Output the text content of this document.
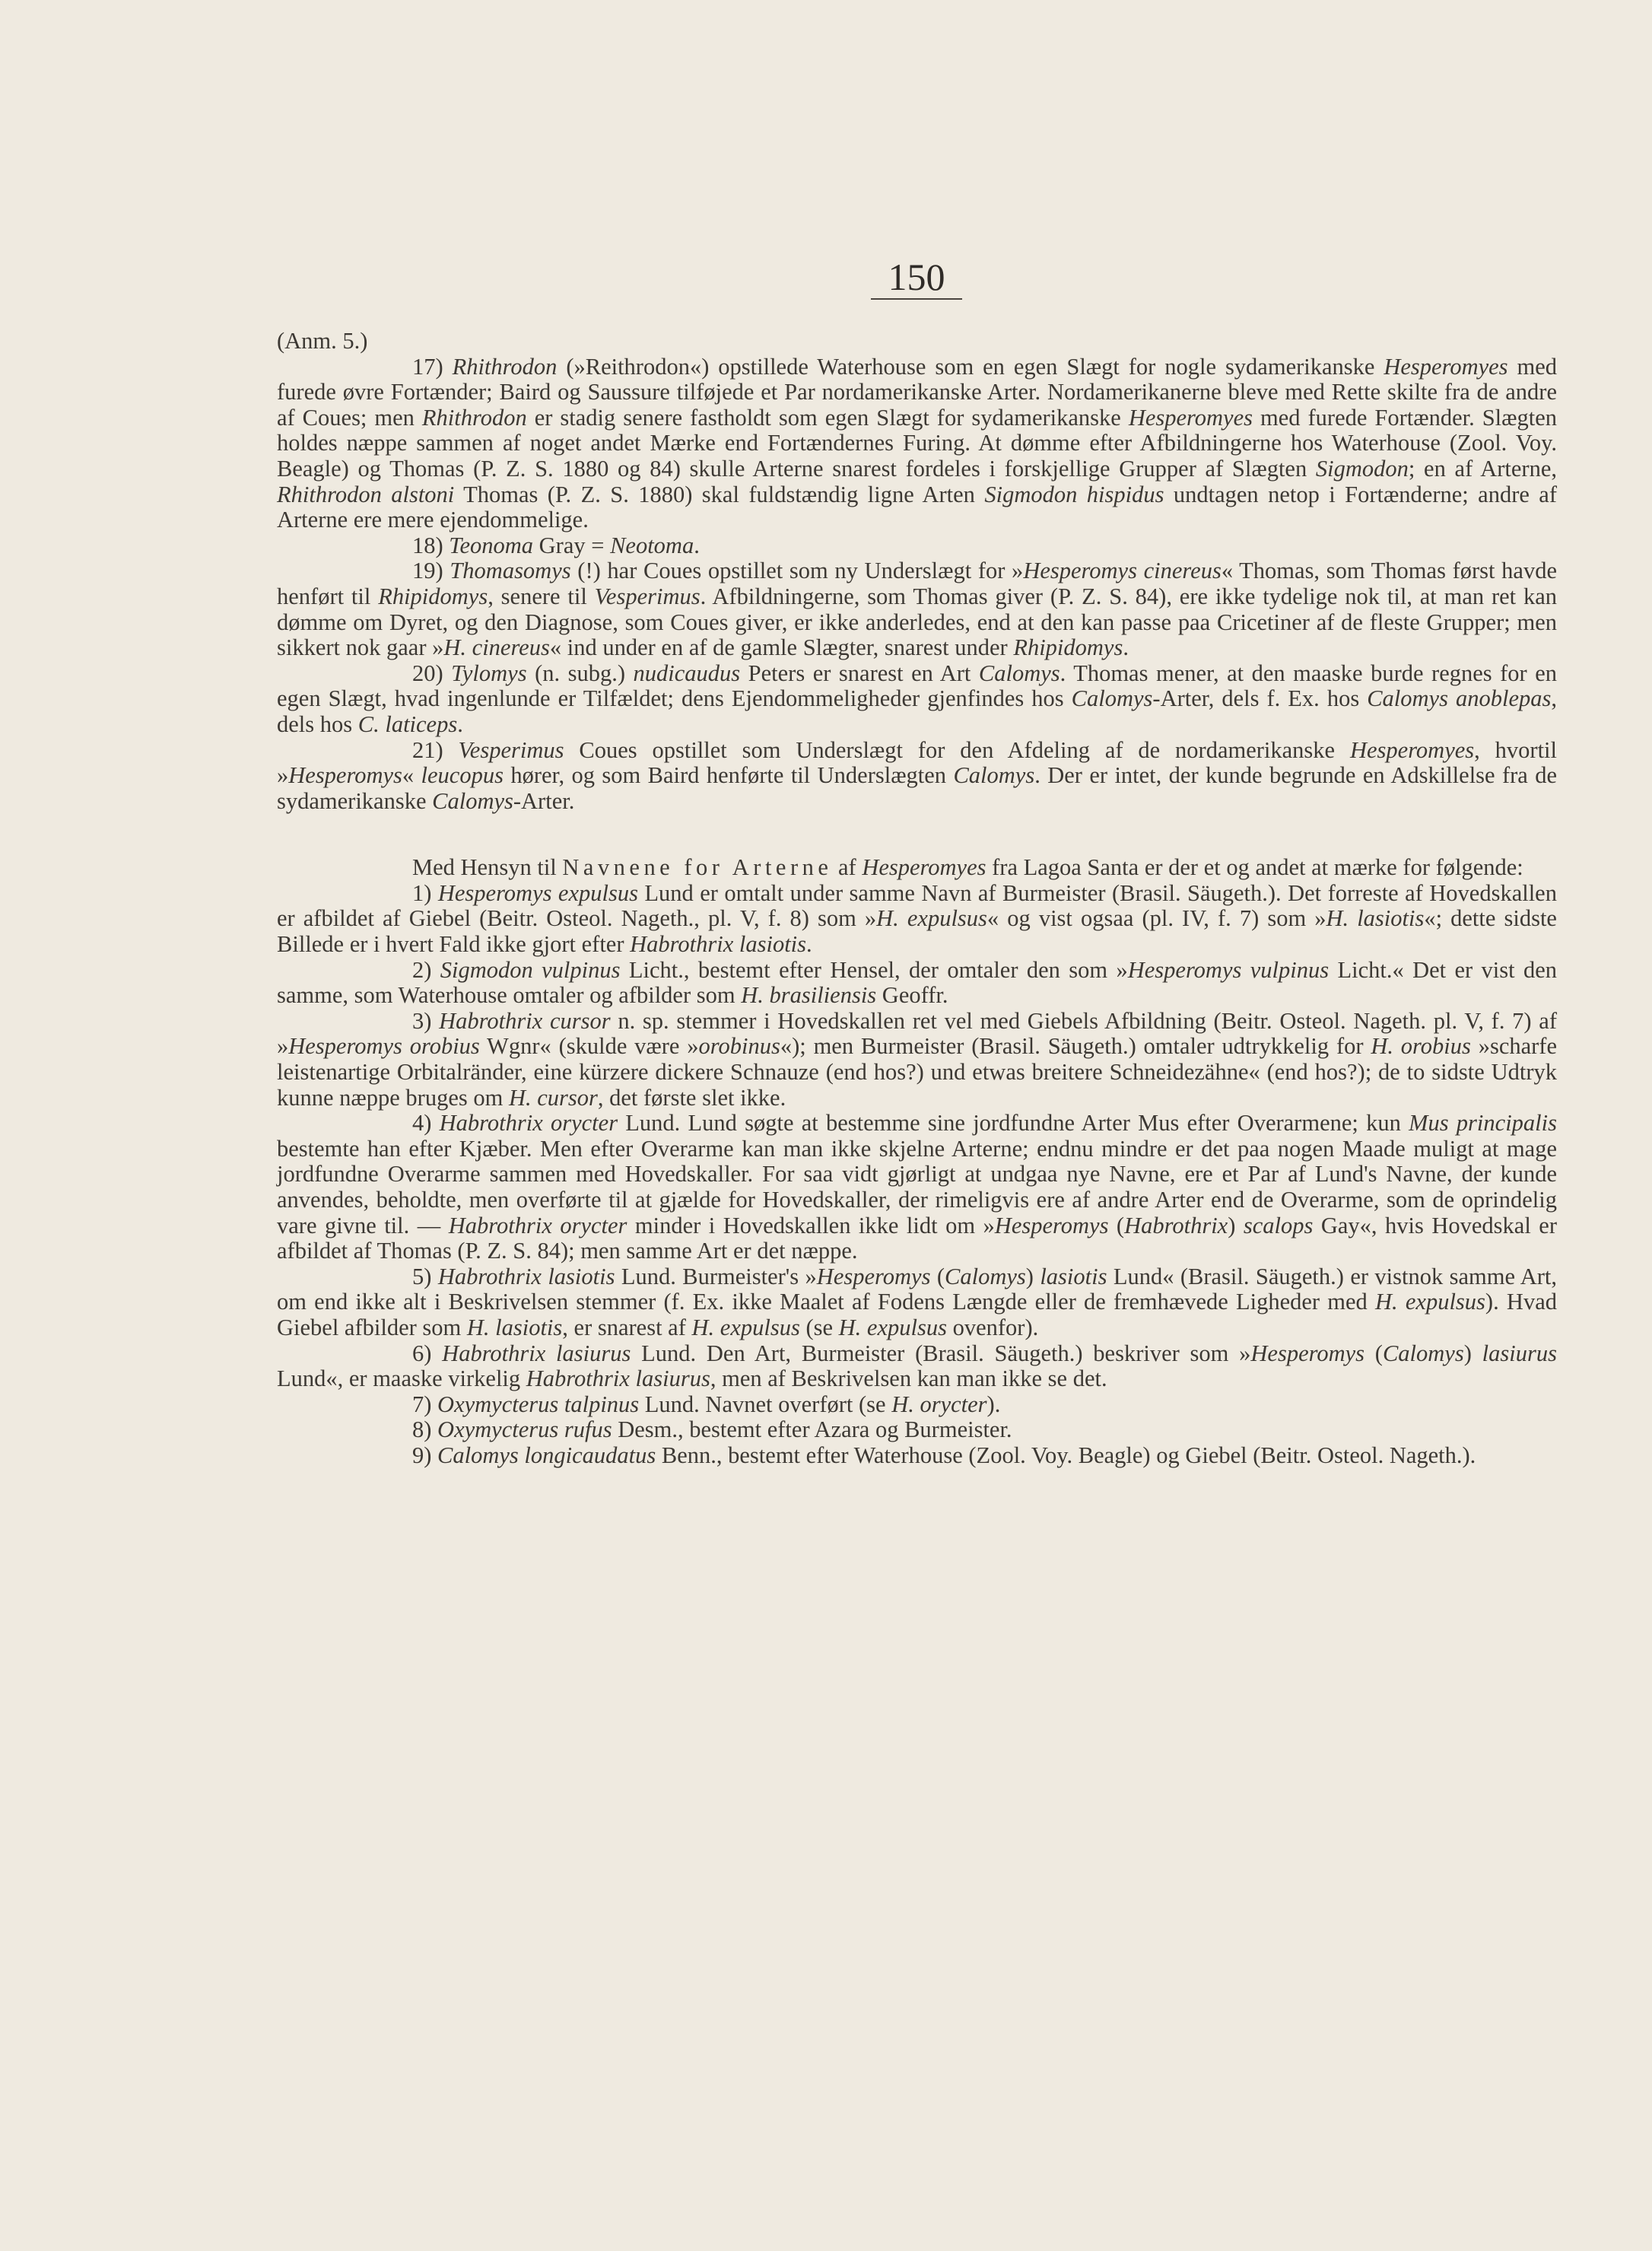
150

(Anm. 5.)

17) Rhithrodon (»Reithrodon«) opstillede Waterhouse som en egen Slægt for nogle sydamerikanske Hesperomyes med furede øvre Fortænder; Baird og Saussure tilføjede et Par nordamerikanske Arter. Nordamerikanerne bleve med Rette skilte fra de andre af Coues; men Rhithrodon er stadig senere fastholdt som egen Slægt for sydamerikanske Hesperomyes med furede Fortænder. Slægten holdes næppe sammen af noget andet Mærke end Fortændernes Furing. At dømme efter Afbildningerne hos Waterhouse (Zool. Voy. Beagle) og Thomas (P. Z. S. 1880 og 84) skulle Arterne snarest fordeles i forskjellige Grupper af Slægten Sigmodon; en af Arterne, Rhithrodon alstoni Thomas (P. Z. S. 1880) skal fuldstændig ligne Arten Sigmodon hispidus undtagen netop i Fortænderne; andre af Arterne ere mere ejendommelige.

18) Teonoma Gray = Neotoma.

19) Thomasomys (!) har Coues opstillet som ny Underslægt for »Hesperomys cinereus« Thomas, som Thomas først havde henført til Rhipidomys, senere til Vesperimus. Afbildningerne, som Thomas giver (P. Z. S. 84), ere ikke tydelige nok til, at man ret kan dømme om Dyret, og den Diagnose, som Coues giver, er ikke anderledes, end at den kan passe paa Cricetiner af de fleste Grupper; men sikkert nok gaar »H. cinereus« ind under en af de gamle Slægter, snarest under Rhipidomys.

20) Tylomys (n. subg.) nudicaudus Peters er snarest en Art Calomys. Thomas mener, at den maaske burde regnes for en egen Slægt, hvad ingenlunde er Tilfældet; dens Ejendommeligheder gjenfindes hos Calomys-Arter, dels f. Ex. hos Calomys anoblepas, dels hos C. laticeps.

21) Vesperimus Coues opstillet som Underslægt for den Afdeling af de nordamerikanske Hesperomyes, hvortil »Hesperomys« leucopus hører, og som Baird henførte til Underslægten Calomys. Der er intet, der kunde begrunde en Adskillelse fra de sydamerikanske Calomys-Arter.

Med Hensyn til Navnene for Arterne af Hesperomyes fra Lagoa Santa er der et og andet at mærke for følgende:

1) Hesperomys expulsus Lund er omtalt under samme Navn af Burmeister (Brasil. Säugeth.). Det forreste af Hovedskallen er afbildet af Giebel (Beitr. Osteol. Nageth., pl. V, f. 8) som »H. expulsus« og vist ogsaa (pl. IV, f. 7) som »H. lasiotis«; dette sidste Billede er i hvert Fald ikke gjort efter Habrothrix lasiotis.

2) Sigmodon vulpinus Licht., bestemt efter Hensel, der omtaler den som »Hesperomys vulpinus Licht.« Det er vist den samme, som Waterhouse omtaler og afbilder som H. brasiliensis Geoffr.

3) Habrothrix cursor n. sp. stemmer i Hovedskallen ret vel med Giebels Afbildning (Beitr. Osteol. Nageth. pl. V, f. 7) af »Hesperomys orobius Wgnr« (skulde være »orobinus«); men Burmeister (Brasil. Säugeth.) omtaler udtrykkelig for H. orobius »scharfe leistenartige Orbitalränder, eine kürzere dickere Schnauze (end hos?) und etwas breitere Schneidezähne« (end hos?); de to sidste Udtryk kunne næppe bruges om H. cursor, det første slet ikke.

4) Habrothrix orycter Lund. Lund søgte at bestemme sine jordfundne Arter Mus efter Overarmene; kun Mus principalis bestemte han efter Kjæber. Men efter Overarme kan man ikke skjelne Arterne; endnu mindre er det paa nogen Maade muligt at mage jordfundne Overarme sammen med Hovedskaller. For saa vidt gjørligt at undgaa nye Navne, ere et Par af Lund's Navne, der kunde anvendes, beholdte, men overførte til at gjælde for Hovedskaller, der rimeligvis ere af andre Arter end de Overarme, som de oprindelig vare givne til. — Habrothrix orycter minder i Hovedskallen ikke lidt om »Hesperomys (Habrothrix) scalops Gay«, hvis Hovedskal er afbildet af Thomas (P. Z. S. 84); men samme Art er det næppe.

5) Habrothrix lasiotis Lund. Burmeister's »Hesperomys (Calomys) lasiotis Lund« (Brasil. Säugeth.) er vistnok samme Art, om end ikke alt i Beskrivelsen stemmer (f. Ex. ikke Maalet af Fodens Længde eller de fremhævede Ligheder med H. expulsus). Hvad Giebel afbilder som H. lasiotis, er snarest af H. expulsus (se H. expulsus ovenfor).

6) Habrothrix lasiurus Lund. Den Art, Burmeister (Brasil. Säugeth.) beskriver som »Hesperomys (Calomys) lasiurus Lund«, er maaske virkelig Habrothrix lasiurus, men af Beskrivelsen kan man ikke se det.

7) Oxymycterus talpinus Lund. Navnet overført (se H. orycter).

8) Oxymycterus rufus Desm., bestemt efter Azara og Burmeister.

9) Calomys longicaudatus Benn., bestemt efter Waterhouse (Zool. Voy. Beagle) og Giebel (Beitr. Osteol. Nageth.).
